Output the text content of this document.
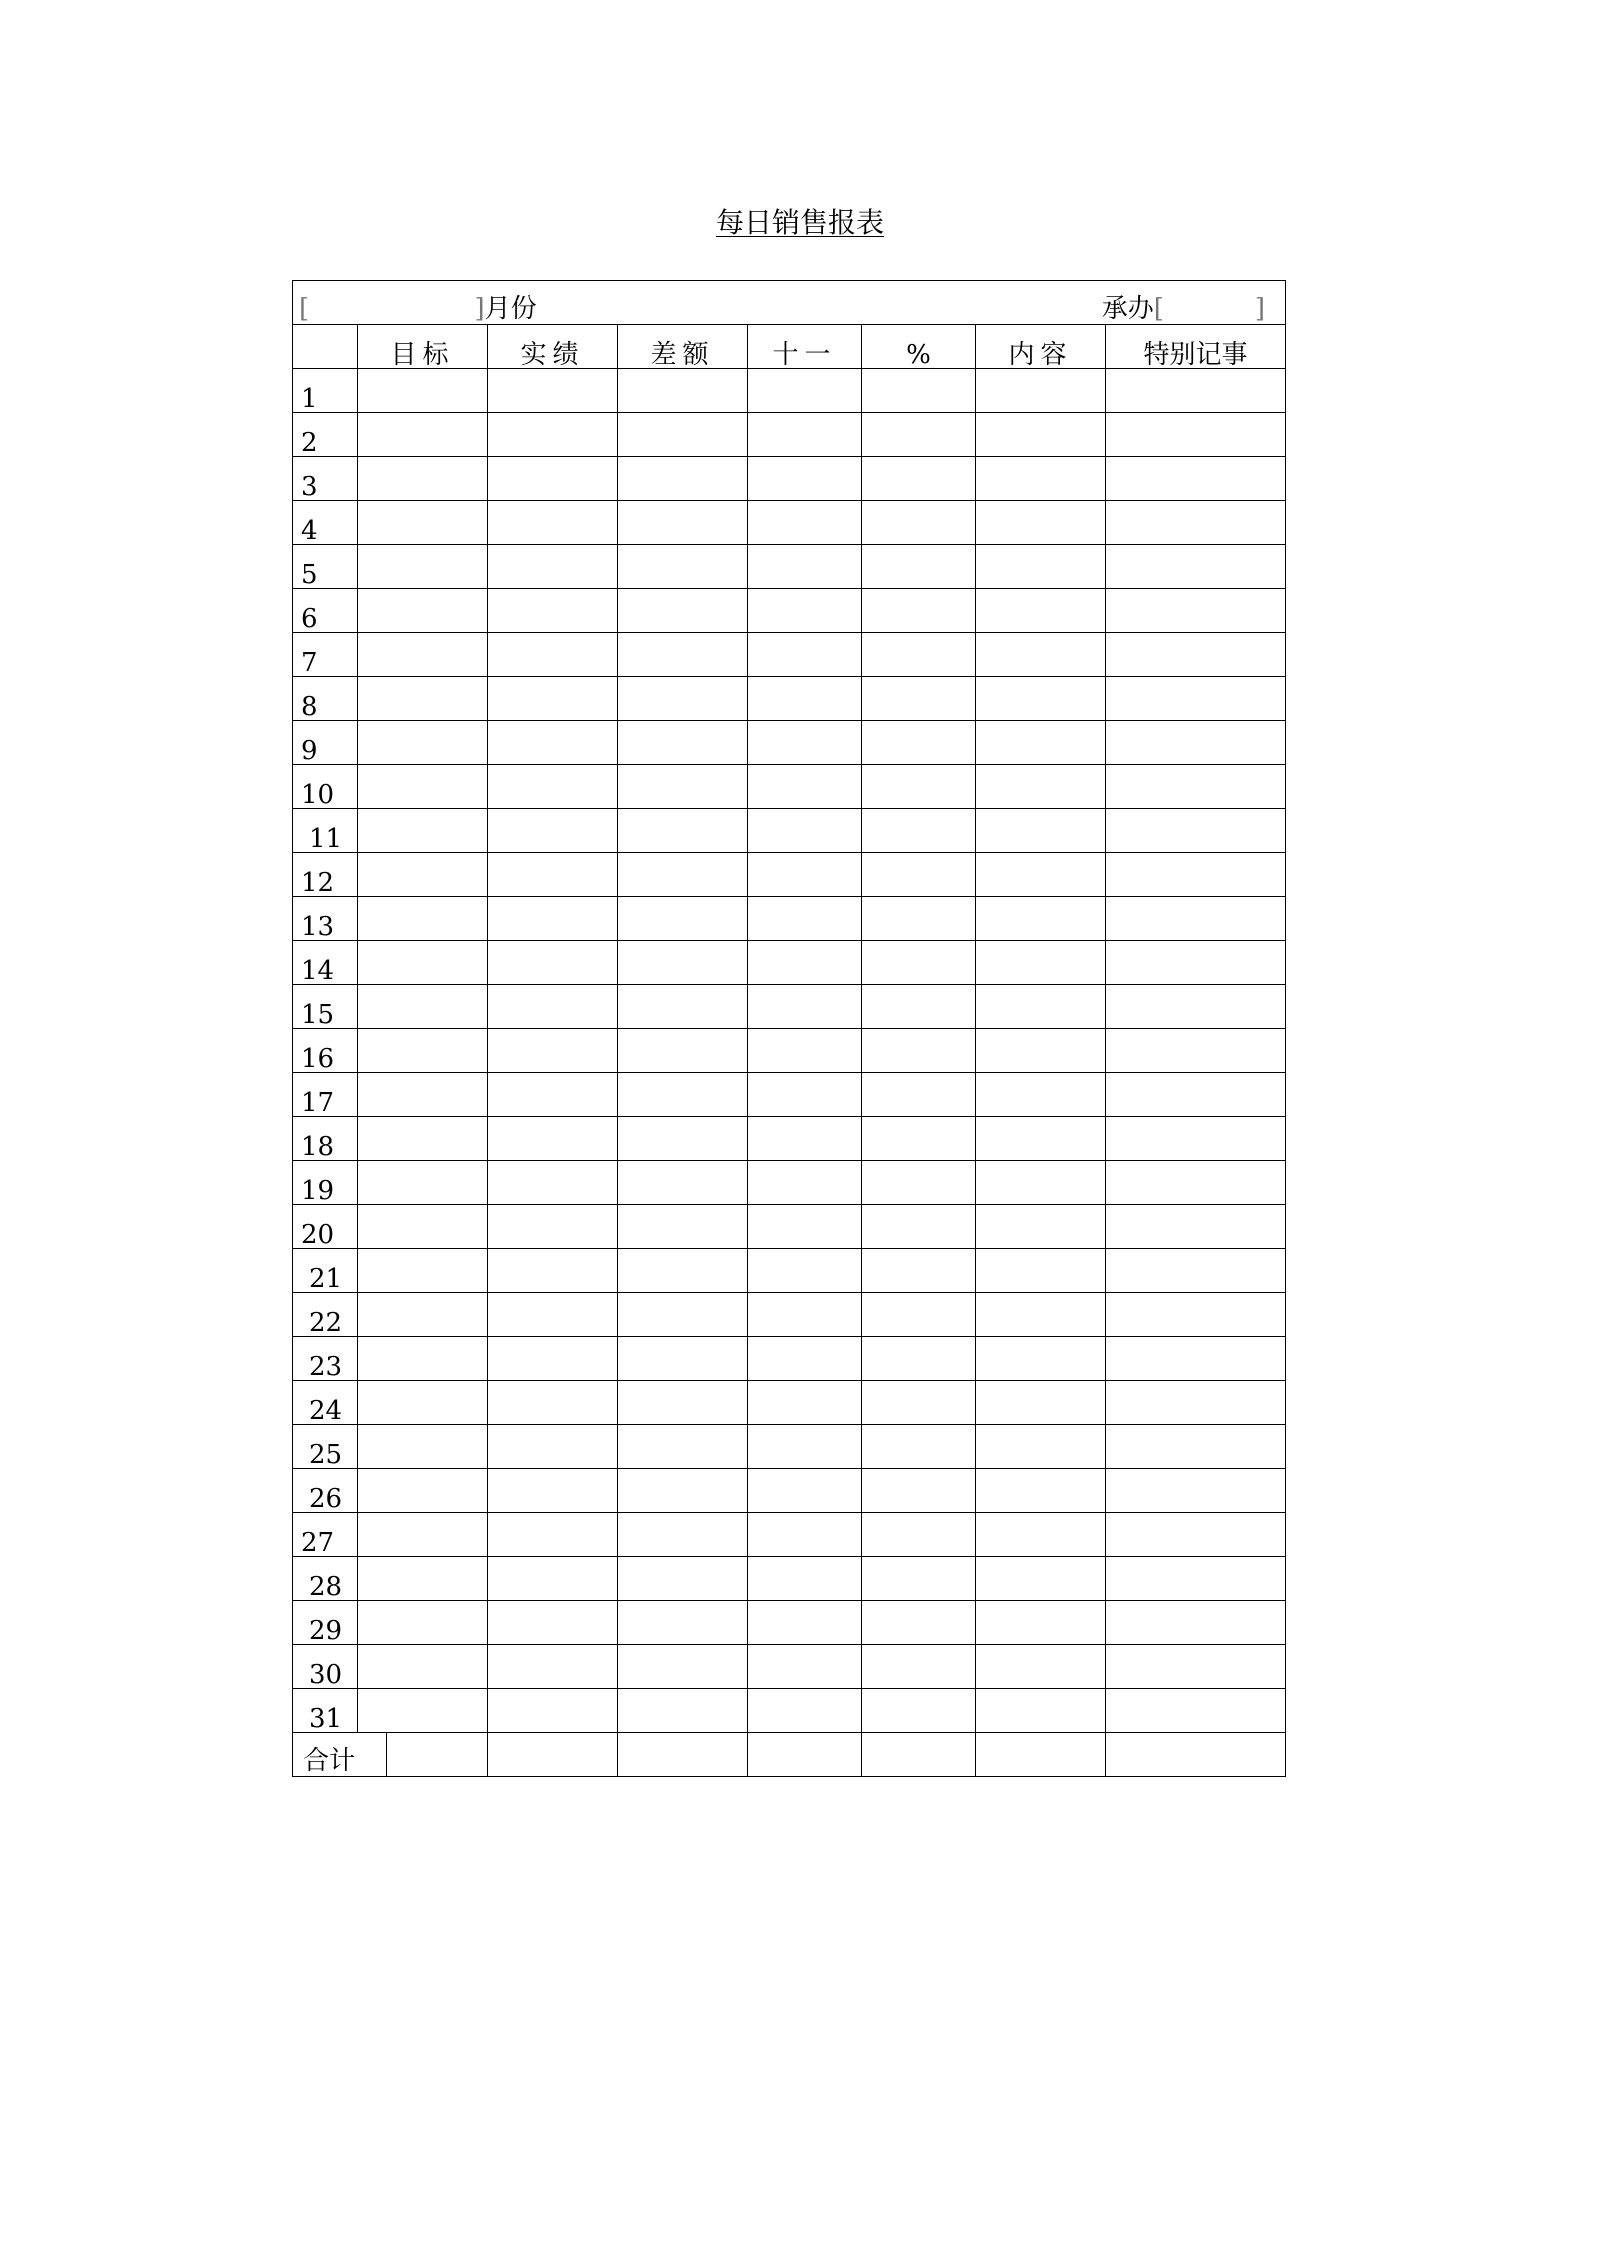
每日销售报表
[ ]月份 承办[ ]							

	目标	实绩	差额	十一	%	内容	特别记事
1							
2							
3							
4							
5							
6							
7							
8							
9							
10							
11							
12							
13							
14							
15							
16							
17							
18							
19							
20							
21							
22							
23							
24							
25							
26							
27							
28							
29							
30							
31							

合计							
